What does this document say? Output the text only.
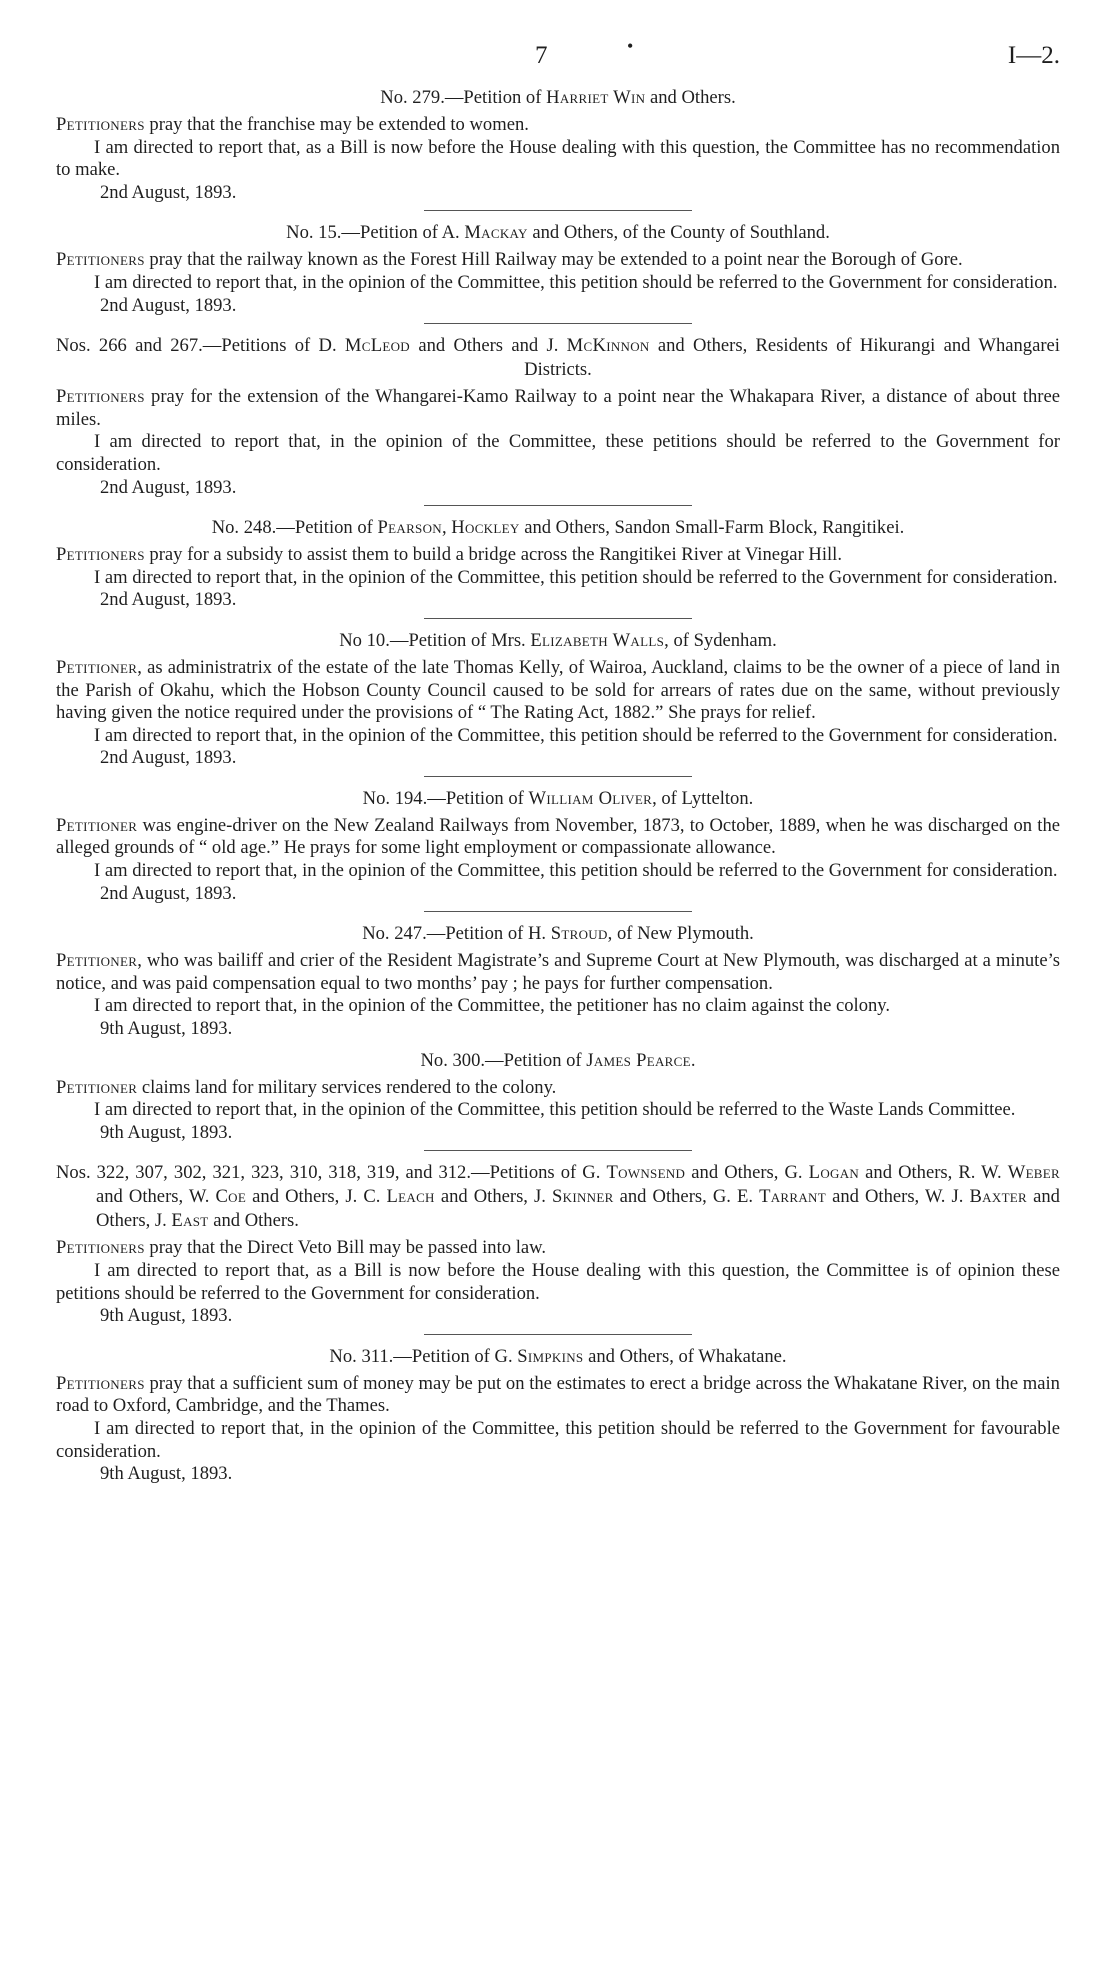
7	•	I—2.

No. 279.—Petition of Harriet Win and Others.

Petitioners pray that the franchise may be extended to women.

I am directed to report that, as a Bill is now before the House dealing with this question, the Committee has no recommendation to make.

2nd August, 1893.

No. 15.—Petition of A. Mackay and Others, of the County of Southland.

Petitioners pray that the railway known as the Forest Hill Railway may be extended to a point near the Borough of Gore.

I am directed to report that, in the opinion of the Committee, this petition should be referred to the Government for consideration.

2nd August, 1893.

Nos. 266 and 267.—Petitions of D. McLeod and Others and J. McKinnon and Others, Residents of Hikurangi and Whangarei Districts.

Petitioners pray for the extension of the Whangarei-Kamo Railway to a point near the Whakapara River, a distance of about three miles.

I am directed to report that, in the opinion of the Committee, these petitions should be referred to the Government for consideration.

2nd August, 1893.

No. 248.—Petition of Pearson, Hockley and Others, Sandon Small-Farm Block, Rangitikei.

Petitioners pray for a subsidy to assist them to build a bridge across the Rangitikei River at Vinegar Hill.

I am directed to report that, in the opinion of the Committee, this petition should be referred to the Government for consideration.

2nd August, 1893.

No 10.—Petition of Mrs. Elizabeth Walls, of Sydenham.

Petitioner, as administratrix of the estate of the late Thomas Kelly, of Wairoa, Auckland, claims to be the owner of a piece of land in the Parish of Okahu, which the Hobson County Council caused to be sold for arrears of rates due on the same, without previously having given the notice required under the provisions of “ The Rating Act, 1882.” She prays for relief.

I am directed to report that, in the opinion of the Committee, this petition should be referred to the Government for consideration.

2nd August, 1893.

No. 194.—Petition of William Oliver, of Lyttelton.

Petitioner was engine-driver on the New Zealand Railways from November, 1873, to October, 1889, when he was discharged on the alleged grounds of “ old age.” He prays for some light employment or compassionate allowance.

I am directed to report that, in the opinion of the Committee, this petition should be referred to the Government for consideration.

2nd August, 1893.

No. 247.—Petition of H. Stroud, of New Plymouth.

Petitioner, who was bailiff and crier of the Resident Magistrate’s and Supreme Court at New Plymouth, was discharged at a minute’s notice, and was paid compensation equal to two months’ pay ; he pays for further compensation.

I am directed to report that, in the opinion of the Committee, the petitioner has no claim against the colony.

9th August, 1893.

No. 300.—Petition of James Pearce.

Petitioner claims land for military services rendered to the colony.

I am directed to report that, in the opinion of the Committee, this petition should be referred to the Waste Lands Committee.

9th August, 1893.

Nos. 322, 307, 302, 321, 323, 310, 318, 319, and 312.—Petitions of G. Townsend and Others, G. Logan and Others, R. W. Weber and Others, W. Coe and Others, J. C. Leach and Others, J. Skinner and Others, G. E. Tarrant and Others, W. J. Baxter and Others, J. East and Others.

Petitioners pray that the Direct Veto Bill may be passed into law.

I am directed to report that, as a Bill is now before the House dealing with this question, the Committee is of opinion these petitions should be referred to the Government for consideration.

9th August, 1893.

No. 311.—Petition of G. Simpkins and Others, of Whakatane.

Petitioners pray that a sufficient sum of money may be put on the estimates to erect a bridge across the Whakatane River, on the main road to Oxford, Cambridge, and the Thames.

I am directed to report that, in the opinion of the Committee, this petition should be referred to the Government for favourable consideration.

9th August, 1893.
